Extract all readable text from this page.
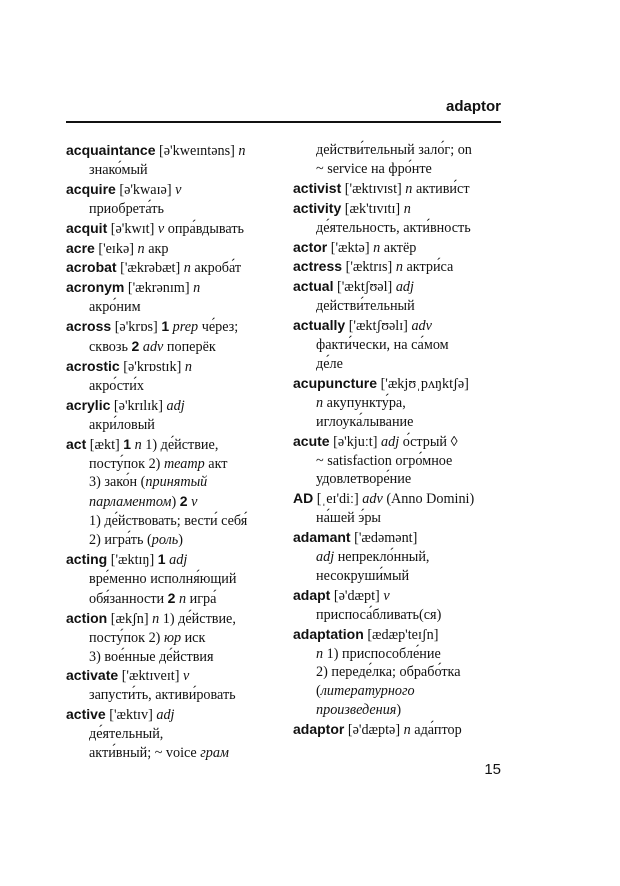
adaptor
acquaintance [ə'kweɪntəns] n
знако́мый
acquire [ə'kwaɪə] v
приобрета́ть
acquit [ə'kwɪt] v опра́вдывать
acre ['eɪkə] n акр
acrobat ['ækrəbæt] n акроба́т
acronym ['ækrənɪm] n
акро́ним
across [ə'krɒs] 1 prep че́рез;
сквозь 2 adv поперёк
acrostic [ə'krɒstɪk] n
акро́сти́х
acrylic [ə'krɪlɪk] adj
акри́ловый
act [ækt] 1 n 1) де́йствие,
посту́пок 2) театр акт
3) зако́н (принятый
парламентом) 2 v
1) де́йствовать; вести́ себя́
2) игра́ть (роль)
acting ['æktɪŋ] 1 adj
вре́менно исполня́ющий
обя́занности 2 n игра́
action [ækʃn] n 1) де́йствие,
посту́пок 2) юр иск
3) вое́нные де́йствия
activate ['æktɪveɪt] v
запусти́ть, активи́ровать
active ['æktɪv] adj
де́ятельный,
акти́вный; ~ voice грам
действи́тельный зало́г; on
~ service на фро́нте
activist ['æktɪvɪst] n активи́ст
activity [æk'tɪvɪtɪ] n
де́ятельность, акти́вность
actor ['æktə] n актёр
actress ['æktrɪs] n актри́са
actual ['æktʃʊəl] adj
действи́тельный
actually ['æktʃʊəlɪ] adv
факти́чески, на са́мом
де́ле
acupuncture ['ækjʊˌpʌŋktʃə]
n акупункту́ра,
иглоука́лывание
acute [ə'kjuːt] adj о́стрый ◊
~ satisfaction огро́мное
удовлетворе́ние
AD [ˌeɪ'diː] adv (Anno Domini)
на́шей э́ры
adamant ['ædəmənt]
adj непрекло́нный,
несокруши́мый
adapt [ə'dæpt] v
приспоса́бливать(ся)
adaptation [ædæp'teɪʃn]
n 1) приспособле́ние
2) переде́лка; обрабо́тка
(литературного
произведения)
adaptor [ə'dæptə] n ада́птор
15
